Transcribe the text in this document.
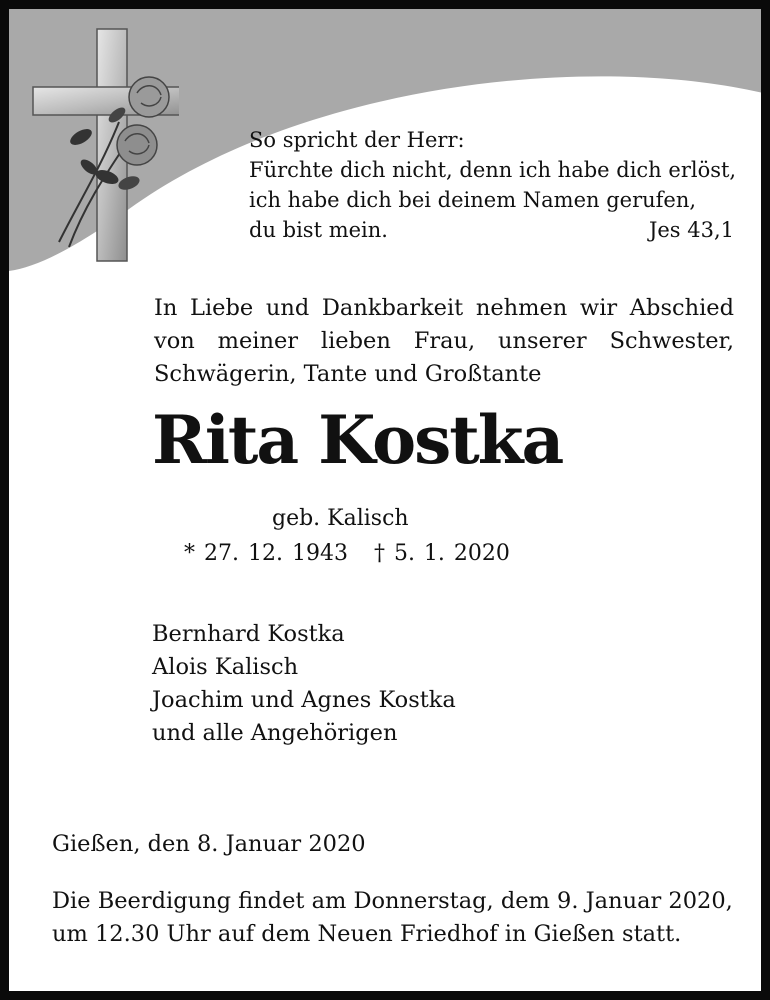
So spricht der Herr:
Fürchte dich nicht, denn ich habe dich erlöst,
ich habe dich bei deinem Namen gerufen,
du bist mein.	Jes 43,1
In Liebe und Dankbarkeit nehmen wir Abschied von meiner lieben Frau, unserer Schwester, Schwägerin, Tante und Großtante
Rita Kostka
geb. Kalisch
* 27. 12. 1943 † 5. 1. 2020
Bernhard Kostka
Alois Kalisch
Joachim und Agnes Kostka
und alle Angehörigen
Gießen, den 8. Januar 2020
Die Beerdigung findet am Donnerstag, dem 9. Januar 2020,
um 12.30 Uhr auf dem Neuen Friedhof in Gießen statt.
